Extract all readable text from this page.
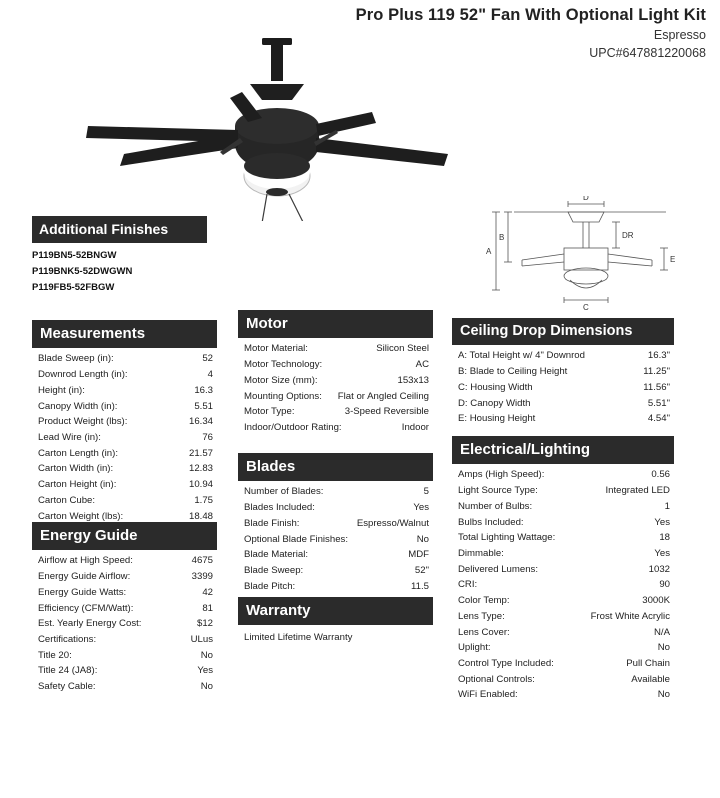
Pro Plus 119 52" Fan With Optional Light Kit
Espresso
UPC#647881220068
D
A
B	DR
E
C
Additional Finishes
P119BN5-52BNGW
P119BNK5-52DWGWN
P119FB5-52FBGW
Measurements
Blade Sweep (in):	52
Downrod Length (in):	4
Height (in):	16.3
Canopy Width (in):	5.51
Product Weight (lbs):	16.34
Lead Wire (in):	76
Carton Length (in):	21.57
Carton Width (in):	12.83
Carton Height (in):	10.94
Carton Cube:	1.75
Carton Weight (lbs):	18.48
Energy Guide
Airflow at High Speed:	4675
Energy Guide Airflow:	3399
Energy Guide Watts:	42
Efficiency (CFM/Watt):	81
Est. Yearly Energy Cost:	$12
Certifications:	ULus
Title 20:	No
Title 24 (JA8):	Yes
Safety Cable:	No
Motor
Motor Material:	Silicon Steel
Motor Technology:	AC
Motor Size (mm):	153x13
Mounting Options: Flat or Angled Ceiling
Motor Type:	3-Speed Reversible
Indoor/Outdoor Rating:	Indoor
Blades
Number of Blades:	5
Blades Included:	Yes
Blade Finish:	Espresso/Walnut
Optional Blade Finishes:	No
Blade Material:	MDF
Blade Sweep:	52"
Blade Pitch:	11.5
Warranty
Limited Lifetime Warranty
Ceiling Drop Dimensions
A: Total Height w/ 4" Downrod	16.3"
B: Blade to Ceiling Height	11.25"
C: Housing Width	11.56"
D: Canopy Width	5.51"
E: Housing Height	4.54"
Electrical/Lighting
Amps (High Speed):	0.56
Light Source Type:	Integrated LED
Number of Bulbs:	1
Bulbs Included:	Yes
Total Lighting Wattage:	18
Dimmable:	Yes
Delivered Lumens:	1032
CRI:	90
Color Temp:	3000K
Lens Type:	Frost White Acrylic
Lens Cover:	N/A
Uplight:	No
Control Type Included:	Pull Chain
Optional Controls:	Available
WiFi Enabled:	No
